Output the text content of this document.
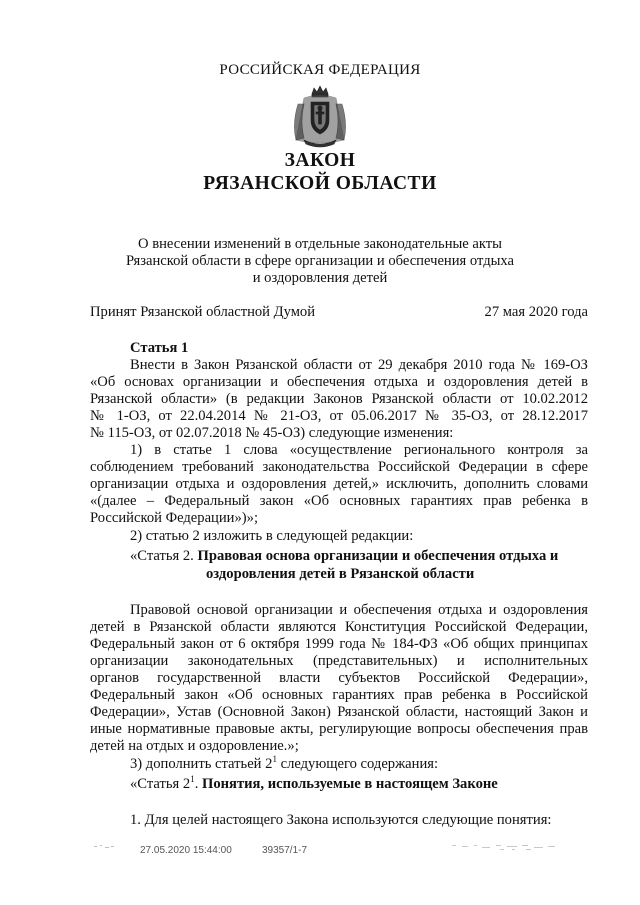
РОССИЙСКАЯ ФЕДЕРАЦИЯ
ЗАКОН
РЯЗАНСКОЙ ОБЛАСТИ
О внесении изменений в отдельные законодательные акты
Рязанской области в сфере организации и обеспечения отдыха
и оздоровления детей
Принят Рязанской областной Думой	27 мая 2020 года
Статья 1
Внести в Закон Рязанской области от 29 декабря 2010 года № 169-ОЗ
«Об основах организации и обеспечения отдыха и оздоровления детей в
Рязанской области» (в редакции Законов Рязанской области от 10.02.2012
№ 1-ОЗ, от 22.04.2014 № 21-ОЗ, от 05.06.2017 № 35-ОЗ, от 28.12.2017
№ 115-ОЗ, от 02.07.2018 № 45-ОЗ) следующие изменения:
1) в статье 1 слова «осуществление регионального контроля за
соблюдением требований законодательства Российской Федерации в сфере
организации отдыха и оздоровления детей,» исключить, дополнить словами
«(далее – Федеральный закон «Об основных гарантиях прав ребенка в
Российской Федерации»)»;
2) статью 2 изложить в следующей редакции:
«Статья 2. Правовая основа организации и обеспечения отдыха и
оздоровления детей в Рязанской области
Правовой основой организации и обеспечения отдыха и оздоровления
детей в Рязанской области являются Конституция Российской Федерации,
Федеральный закон от 6 октября 1999 года № 184-ФЗ «Об общих принципах
организации законодательных (представительных) и исполнительных
органов государственной власти субъектов Российской Федерации»,
Федеральный закон «Об основных гарантиях прав ребенка в Российской
Федерации», Устав (Основной Закон) Рязанской области, настоящий Закон и
иные нормативные правовые акты, регулирующие вопросы обеспечения прав
детей на отдых и оздоровление.»;
3) дополнить статьей $2^1$ следующего содержания:
«Статья $2^1$. Понятия, используемые в настоящем Законе
1. Для целей настоящего Закона используются следующие понятия:
27.05.2020 15:44:00	39357/1-7
